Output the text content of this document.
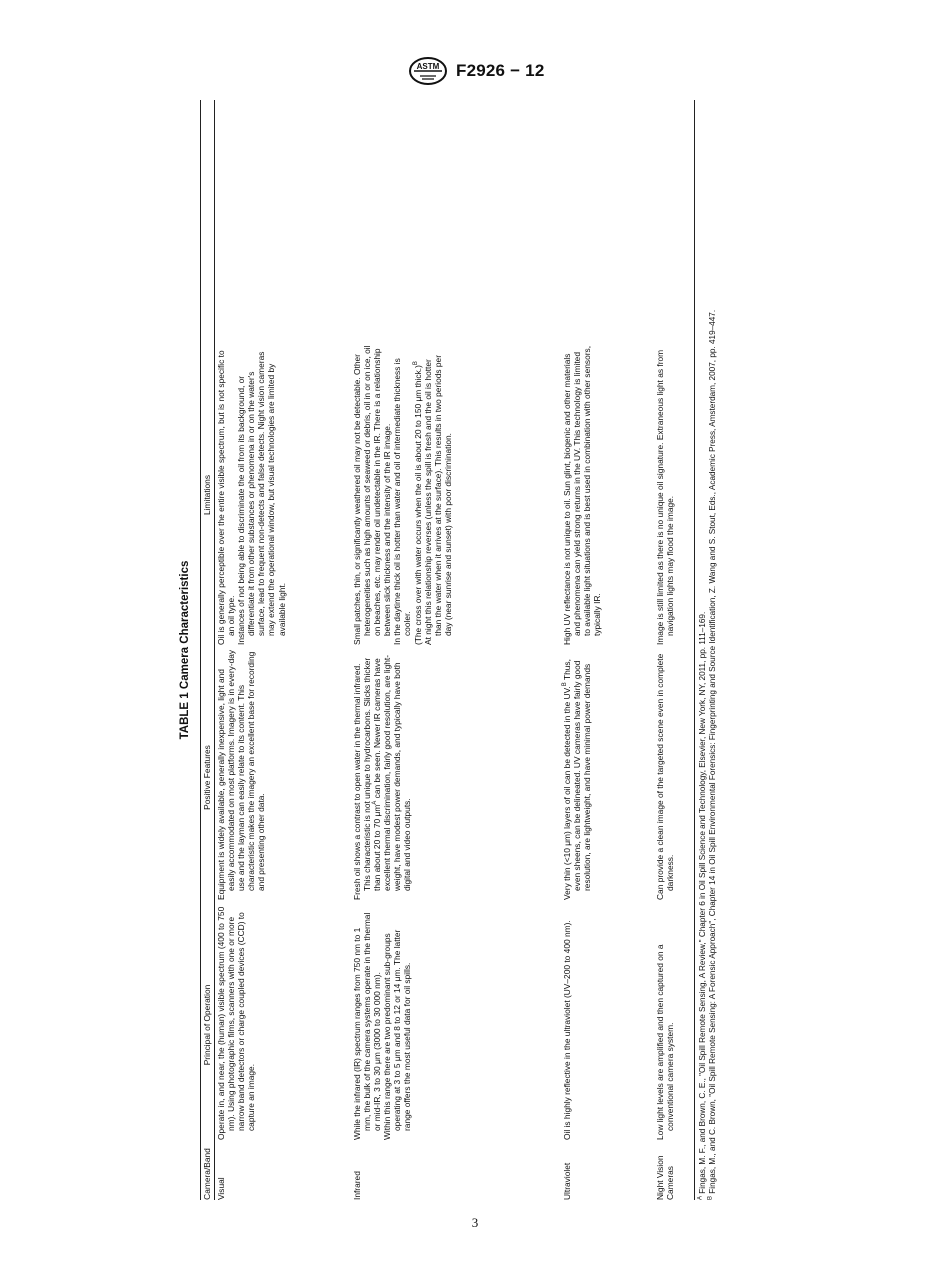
ASTM F2926 − 12
TABLE 1 Camera Characteristics
Camera/Band
Principal of Operation
Positive Features
Limitations
Visual
Operate in, and near, the (human) visible spectrum (400 to 750 nm). Using photographic films, scanners with one or more narrow band detectors or charge coupled devices (CCD) to capture an image.
Equipment is widely available, generally inexpensive, light and easily accommodated on most platforms. Imagery is in every-day use and the layman can easily relate to its content. This characteristic makes the imagery an excellent base for recording and presenting other data.

Oil is generally perceptible over the entire visible spectrum, but is not specific to an oil type. Instances of not being able to discriminate the oil from its background, or differentiate it from other substances or phenomena in or on the water's surface, lead to frequent non-detects and false detects. Night vision cameras may extend the operational window, but visual technologies are limited by available light.

Infrared

While the infrared (IR) spectrum ranges from 750 nm to 1 mm, the bulk of the camera systems operate in the thermal or mid-IR, 3 to 30 μm (3000 to 30 000 nm). Within this range there are two predominant sub-groups operating at 3 to 5 μm and 8 to 12 or 14 μm. The latter range offers the most useful data for oil spills.

Fresh oil shows a contrast to open water in the thermal infrared. This characteristic is not unique to hydrocarbons. Slicks thicker than about 20 to 70 $\mu m^A$ can be seen. Newer IR cameras have excellent thermal discrimination, fairly good resolution, are light-weight, have modest power demands, and typically have both digital and video outputs.

Small patches, thin, or significantly weathered oil may not be detectable. Other heterogeneities such as high amounts of seaweed or debris, oil in or on ice, oil on beaches, etc. may render oil undetectable in the IR. There is a relationship between slick thickness and the intensity of the IR image. In the daytime thick oil is hotter than water and oil of intermediate thickness is cooler. (The cross over with water occurs when the oil is about 20 to 150 μm thick.)$^B$ At night this relationship reverses (unless the spill is fresh and the oil is hotter than the water when it arrives at the surface). This results in two periods per day (near sunrise and sunset) with poor discrimination.

Ultraviolet
Oil is highly reflective in the ultraviolet (UV–200 to 400 nm).
Very thin (<10 μm) layers of oil can be detected in the UV.$^B$ Thus, even sheens, can be delineated. UV cameras have fairly good resolution, are lightweight, and have minimal power demands

High UV reflectance is not unique to oil. Sun glint, biogenic and other materials and phenomena can yield strong returns in the UV. This technology is limited to available light situations and is best used in combination with other sensors, typically IR.

Night Vision Cameras
Low light levels are amplified and then captured on a conventional camera system.
Can provide a clean image of the targeted scene even in complete darkness.

Image is still limited as there is no unique oil signature. Extraneous light as from navigation lights may flood the image.

$^A$ Fingas, M. F., and Brown, C. E., "Oil Spill Remote Sensing, A Review," Chapter 6 in Oil Spill Science and Technology, Elsevier, New York, NY, 2011, pp. 111–169.
$^B$ Fingas, M., and C. Brown, "Oil Spill Remote Sensing: A Forensic Approach", Chapter 14 in Oil Spill Environmental Forensics: Fingerprinting and Source Identification, Z. Wang and S. Stout, Eds., Academic Press, Amsterdam, 2007, pp. 419–447.
3
